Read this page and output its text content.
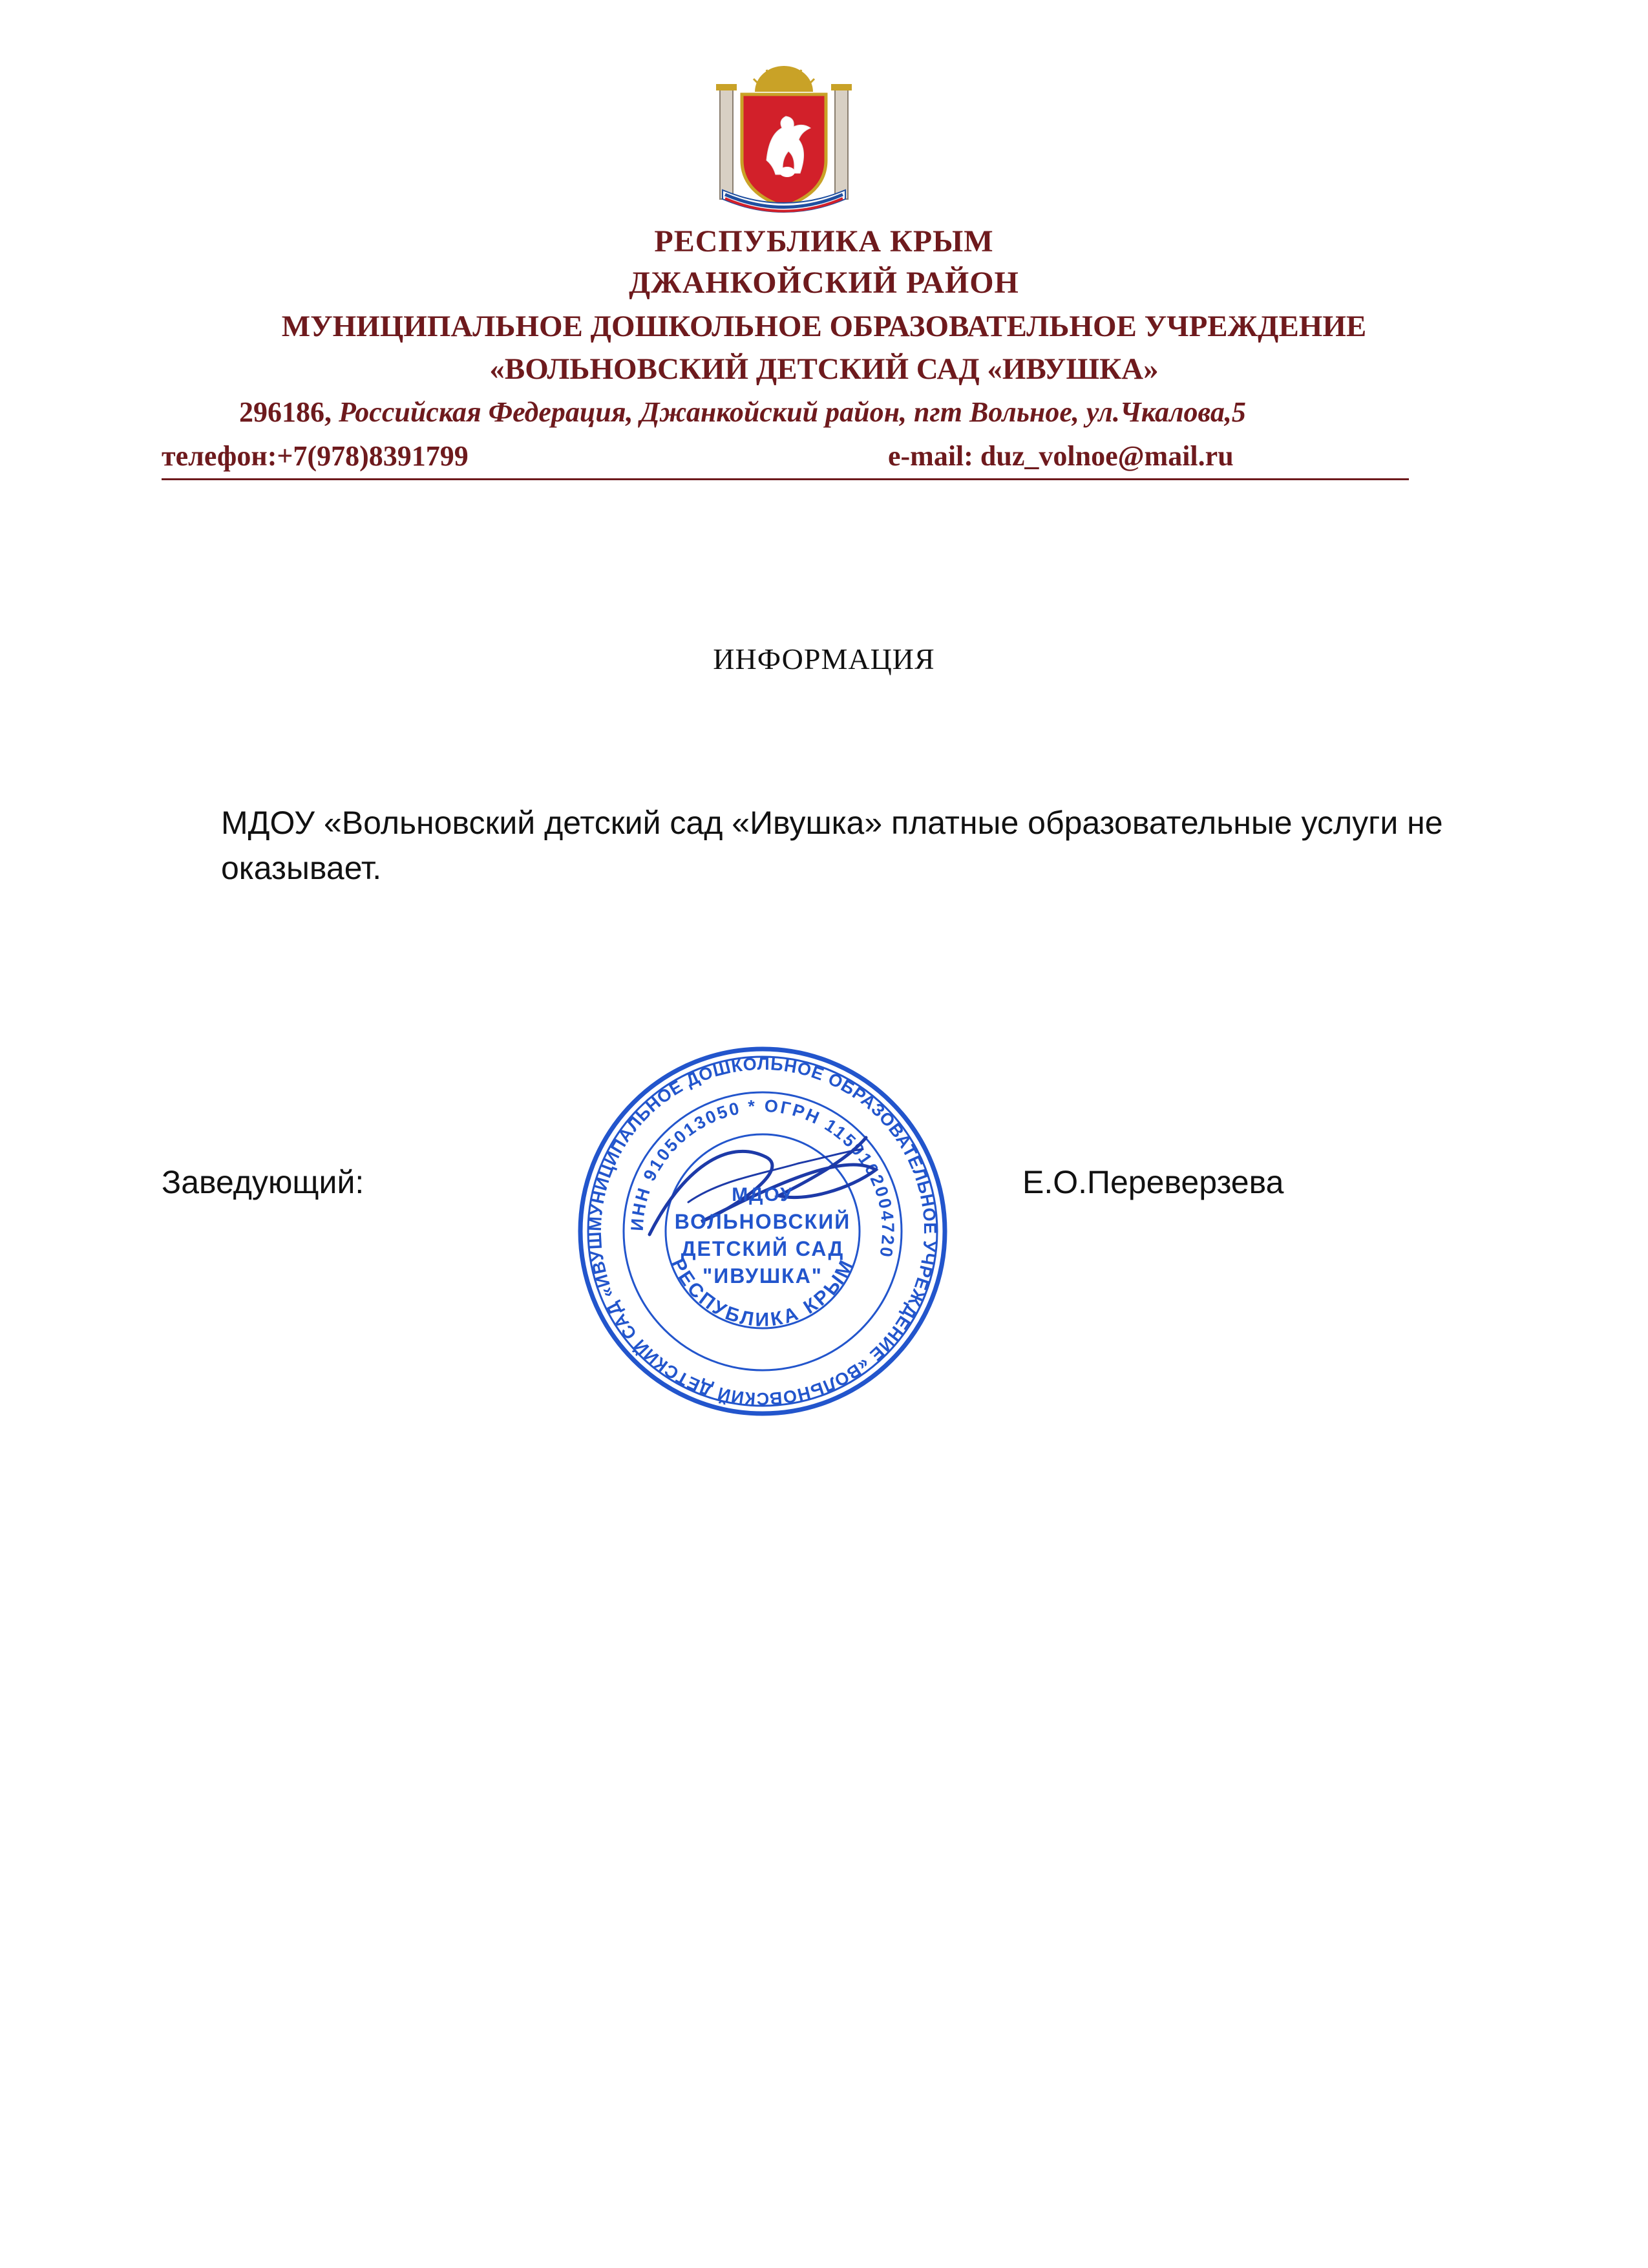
РЕСПУБЛИКА КРЫМ
ДЖАНКОЙСКИЙ РАЙОН
МУНИЦИПАЛЬНОЕ ДОШКОЛЬНОЕ ОБРАЗОВАТЕЛЬНОЕ УЧРЕЖДЕНИЕ
«ВОЛЬНОВСКИЙ ДЕТСКИЙ САД «ИВУШКА»
296186, Российская Федерация, Джанкойский район, пгт Вольное, ул.Чкалова,5
телефон:+7(978)8391799	e-mail: duz_volnoe@mail.ru
ИНФОРМАЦИЯ
МДОУ «Вольновский детский сад «Ивушка» платные образовательные услуги не оказывает.
Заведующий:	Е.О.Переверзева
МУНИЦИПАЛЬНОЕ ДОШКОЛЬНОЕ ОБРАЗОВАТЕЛЬНОЕ УЧРЕЖДЕНИЕ «ВОЛЬНОВСКИЙ ДЕТСКИЙ САД «ИВУШ
ИНН 9105013050 * ОГРН 1159102004720
РЕСПУБЛИКА КРЫМ
МДОУ
ВОЛЬНОВСКИЙ
ДЕТСКИЙ САД
"ИВУШКА"
